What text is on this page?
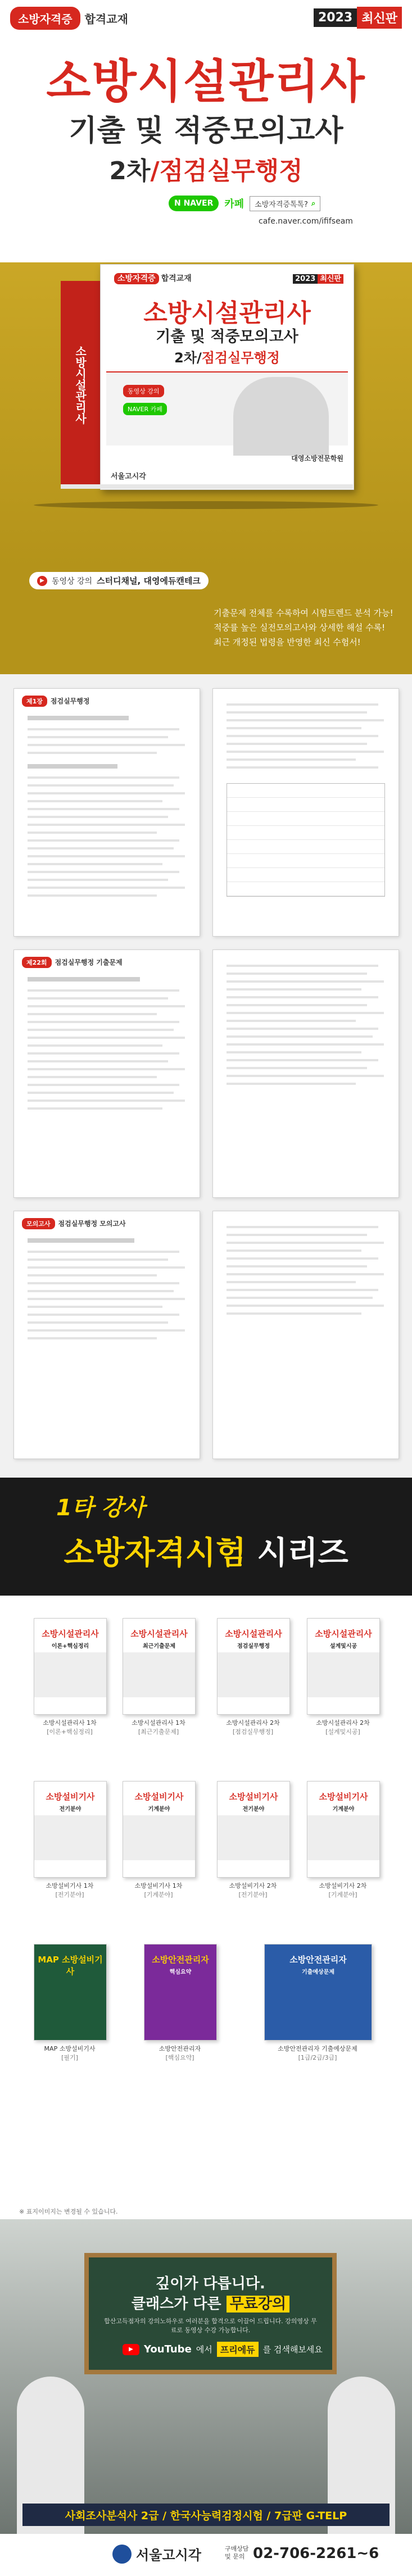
소방자격증	합격교재	2023 최신판
소방시설관리사
기출 및 적중모의고사
2차/점검실무행정
N NAVER	카페 소방자격증톡톡? ⌕
cafe.naver.com/ififseam
소방시설관리사
소방자격증 합격교재	2023 최신판
소방시설관리사
기출 및 적중모의고사
2차/점검실무행정
동영상 강의
NAVER 카페
대영소방전문학원
서울고시각
▶ 동영상 강의 스터디채널, 대영에듀캔테크
기출문제 전체를 수록하여 시험트렌드 분석 가능!
적중률 높은 실전모의고사와 상세한 해설 수록!
최근 개정된 법령을 반영한 최신 수험서!
제1장 점검실무행정
제22회 점검실무행정 기출문제
모의고사 점검실무행정 모의고사
1타 강사
소방자격시험 시리즈
소방시설관리사
이론+핵심정리
소방시설관리사 1차
[이론+핵심정리]
소방시설관리사
최근기출문제
소방시설관리사 1차
[최근기출문제]
소방시설관리사
점검실무행정
소방시설관리사 2차
[점검실무행정]
소방시설관리사
설계및시공
소방시설관리사 2차
[설계및시공]
소방설비기사
전기분야
소방설비기사 1차
[전기분야]
소방설비기사
기계분야
소방설비기사 1차
[기계분야]
소방설비기사
전기분야
소방설비기사 2차
[전기분야]
소방설비기사
기계분야
소방설비기사 2차
[기계분야]
MAP 소방설비기사
MAP 소방설비기사
[필기]
소방안전관리자
핵심요약
소방안전관리자
[핵심요약]
소방안전관리자
기출예상문제
소방안전관리자 기출예상문제
[1급/2급/3급]
※ 표지이미지는 변경될 수 있습니다.
깊이가 다릅니다.
클래스가 다른 무료강의
합산고득점자의 강의노하우로 여러분을 합격으로 이끌어 드립니다. 강의영상 무료로 동영상 수강 가능합니다.
▶	YouTube 에서 프리에듀 를 검색해보세요
사회조사분석사 2급 / 한국사능력검정시험 / 7급판 G-TELP
서울고시각	구매상담 및 문의 02-706-2261~6
